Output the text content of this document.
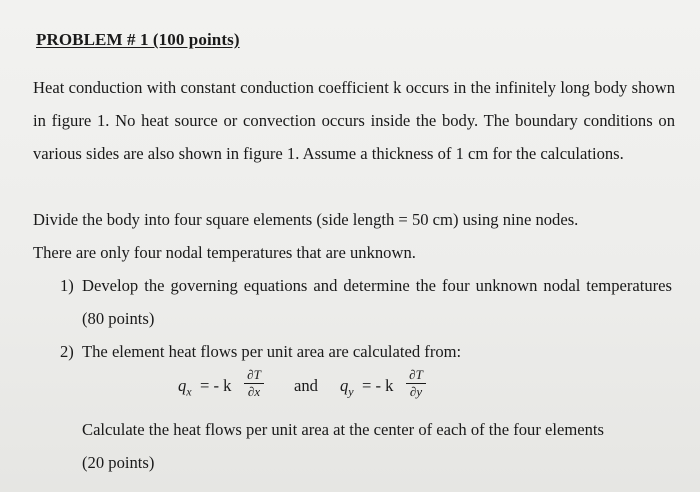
PROBLEM # 1 (100 points)
Heat conduction with constant conduction coefficient k occurs in the infinitely long body shown in figure 1. No heat source or convection occurs inside the body. The boundary conditions on various sides are also shown in figure 1. Assume a thickness of 1 cm for the calculations.
Divide the body into four square elements (side length = 50 cm) using nine nodes.
There are only four nodal temperatures that are unknown.
1) Develop the governing equations and determine the four unknown nodal temperatures (80 points)
2) The element heat flows per unit area are calculated from:
$q_x$ = - k
∂T
∂x and $q_y$ = - k
∂T
∂y
Calculate the heat flows per unit area at the center of each of the four elements
(20 points)
